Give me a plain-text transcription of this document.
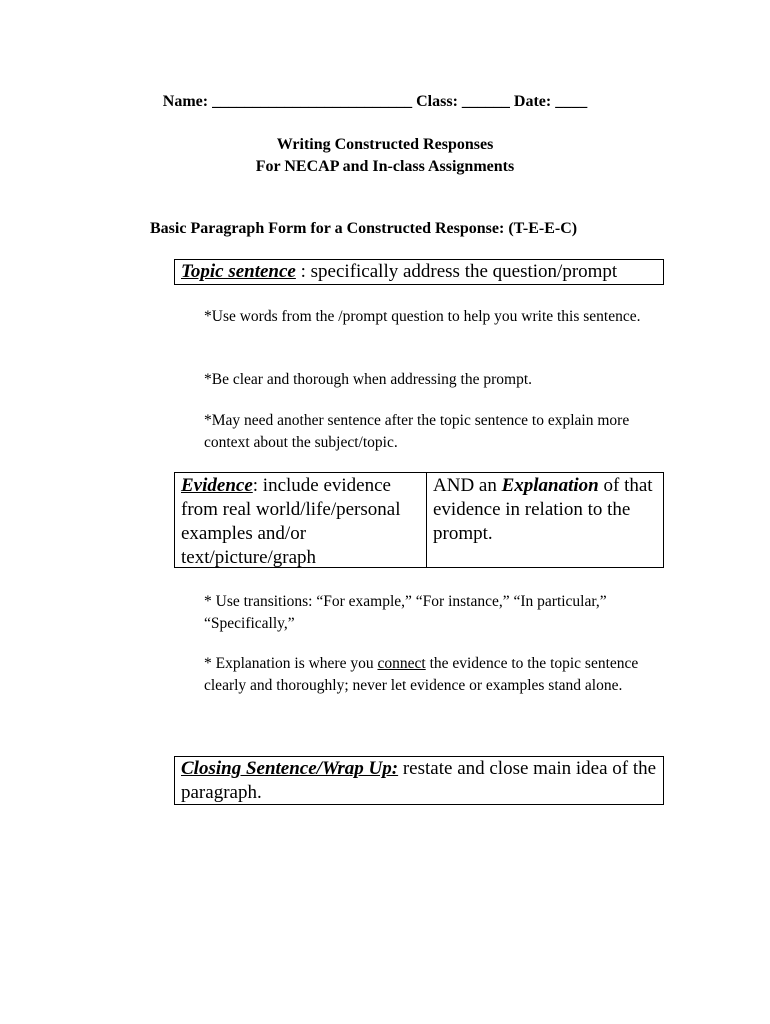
Name: _________________________ Class: ______ Date: ____
Writing Constructed Responses
For NECAP and In-class Assignments
Basic Paragraph Form for a Constructed Response: (T-E-E-C)
Topic sentence : specifically address the question/prompt
*Use words from the /prompt question to help you write this sentence.
*Be clear and thorough when addressing the prompt.
*May need another sentence after the topic sentence to explain more context about the subject/topic.
Evidence: include evidence from real world/life/personal examples and/or text/picture/graph
AND an Explanation of that evidence in relation to the prompt.
* Use transitions: “For example,” “For instance,” “In particular,” “Specifically,”
* Explanation is where you connect the evidence to the topic sentence clearly and thoroughly; never let evidence or examples stand alone.
Closing Sentence/Wrap Up: restate and close main idea of the paragraph.
